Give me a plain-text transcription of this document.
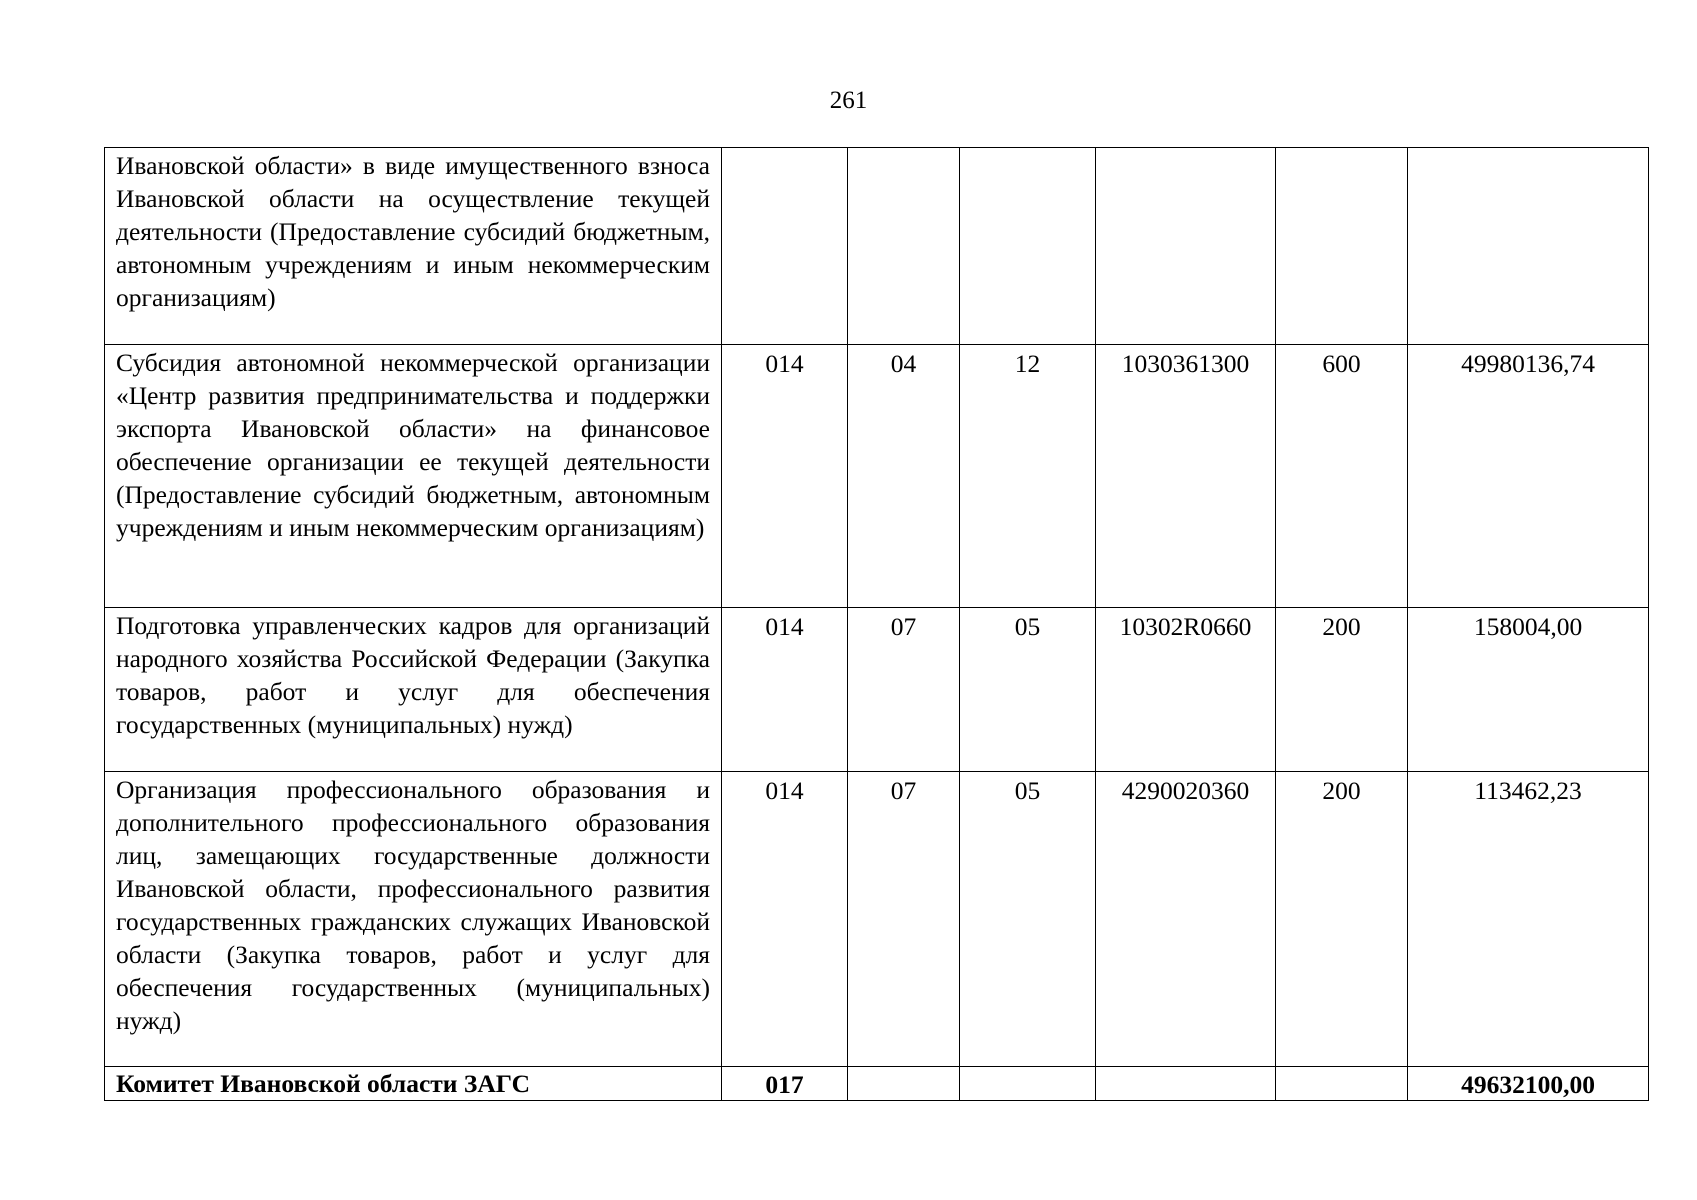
261
Ивановской области» в виде имущественного взноса Ивановской области на осуществление текущей деятельности (Предоставление субсидий бюджетным, автономным учреждениям и иным некоммерческим организациям)						
Субсидия автономной некоммерческой организации «Центр развития предпринимательства и поддержки экспорта Ивановской области» на финансовое обеспечение организации ее текущей деятельности (Предоставление субсидий бюджетным, автономным учреждениям и иным некоммерческим организациям)	014	04	12	1030361300	600	49980136,74
Подготовка управленческих кадров для организаций народного хозяйства Российской Федерации (Закупка товаров, работ и услуг для обеспечения государственных (муниципальных) нужд)	014	07	05	10302R0660	200	158004,00
Организация профессионального образования и дополнительного профессионального образования лиц, замещающих государственные должности Ивановской области, профессионального развития государственных гражданских служащих Ивановской области (Закупка товаров, работ и услуг для обеспечения государственных (муниципальных) нужд)	014	07	05	4290020360	200	113462,23
Комитет Ивановской области ЗАГС	017					49632100,00
